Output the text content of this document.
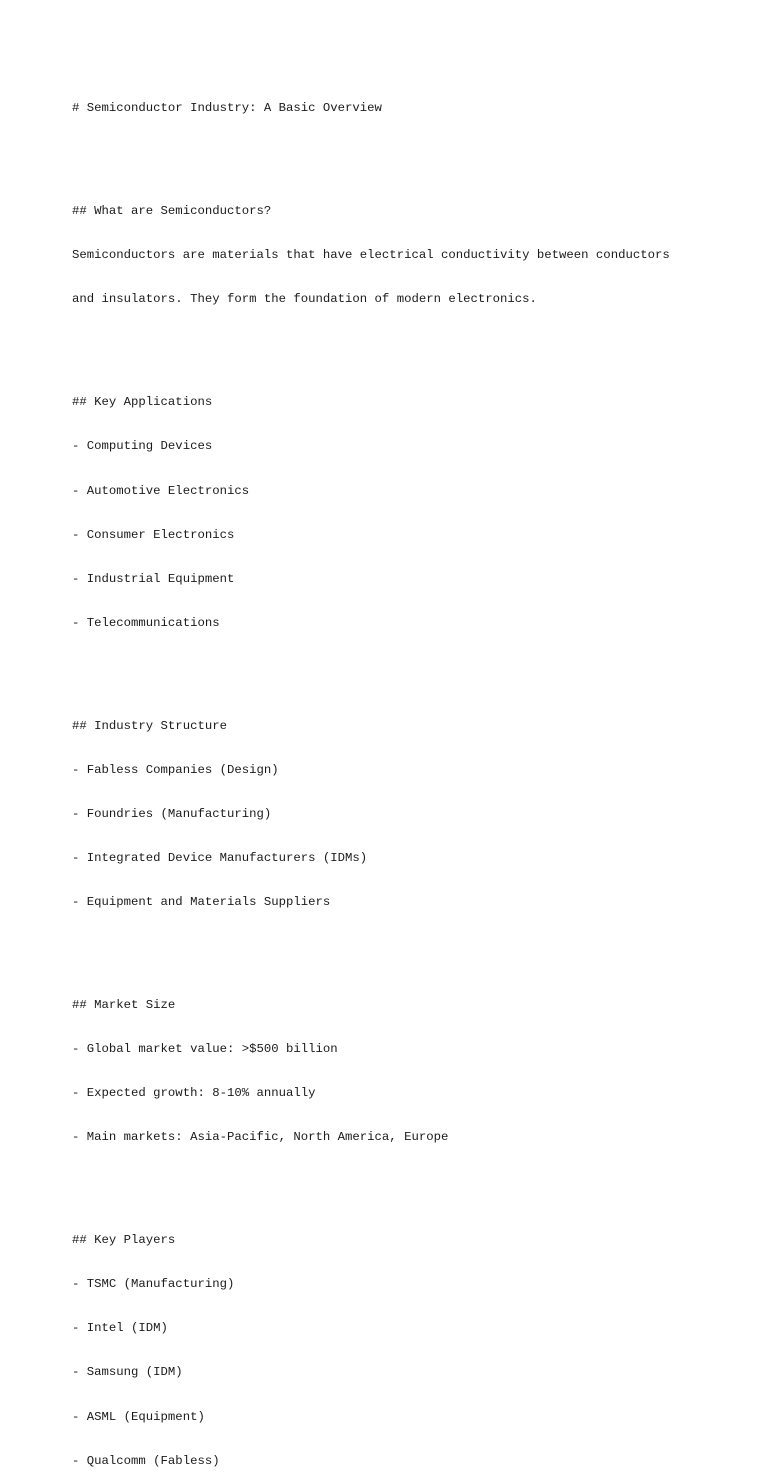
# Semiconductor Industry: A Basic Overview

## What are Semiconductors?

Semiconductors are materials that have electrical conductivity between conductors

and insulators. They form the foundation of modern electronics.

## Key Applications

- Computing Devices

- Automotive Electronics

- Consumer Electronics

- Industrial Equipment

- Telecommunications

## Industry Structure

- Fabless Companies (Design)

- Foundries (Manufacturing)

- Integrated Device Manufacturers (IDMs)

- Equipment and Materials Suppliers

## Market Size

- Global market value: >$500 billion

- Expected growth: 8-10% annually

- Main markets: Asia-Pacific, North America, Europe

## Key Players

- TSMC (Manufacturing)

- Intel (IDM)

- Samsung (IDM)

- ASML (Equipment)

- Qualcomm (Fabless)
